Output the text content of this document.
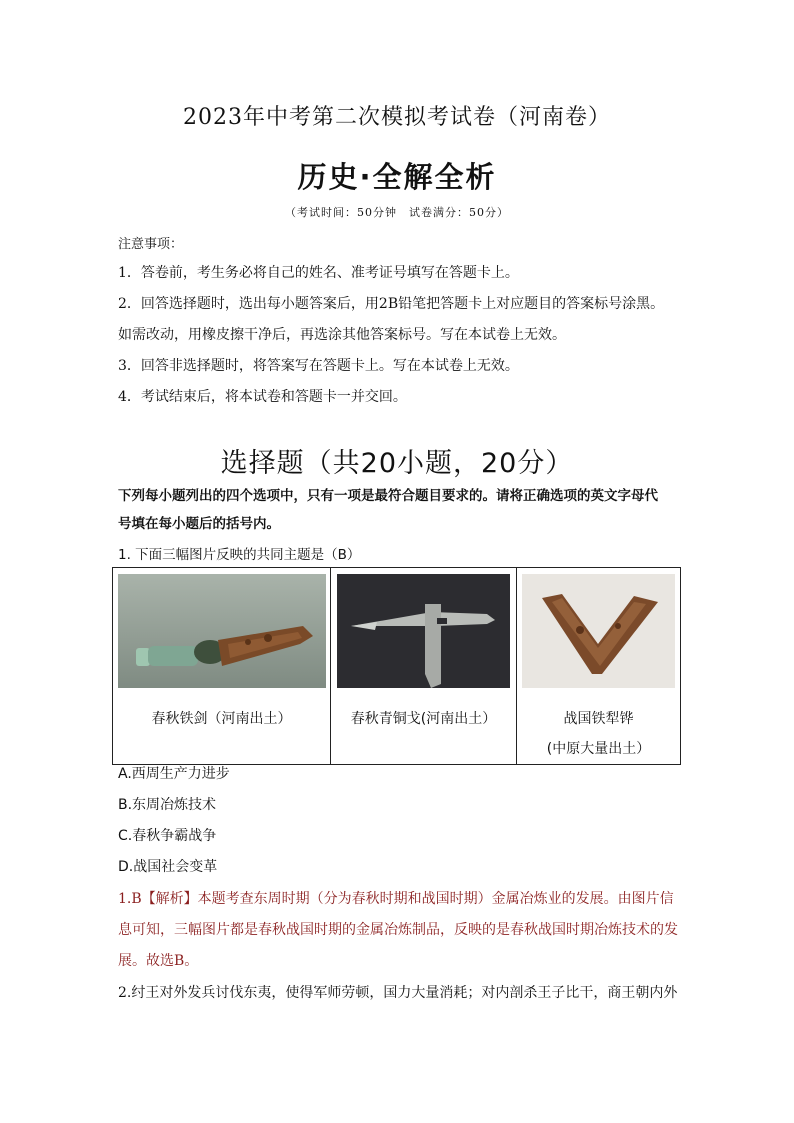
2023年中考第二次模拟考试卷（河南卷）
历史·全解全析
（考试时间：50分钟　试卷满分：50分）
注意事项：
1．答卷前，考生务必将自己的姓名、准考证号填写在答题卡上。
2．回答选择题时，选出每小题答案后，用2B铅笔把答题卡上对应题目的答案标号涂黑。
如需改动，用橡皮擦干净后，再选涂其他答案标号。写在本试卷上无效。
3．回答非选择题时，将答案写在答题卡上。写在本试卷上无效。
4．考试结束后，将本试卷和答题卡一并交回。
选择题（共20小题，20分）
下列每小题列出的四个选项中，只有一项是最符合题目要求的。请将正确选项的英文字母代
号填在每小题后的括号内。
1. 下面三幅图片反映的共同主题是（B）
春秋铁剑（河南出土）	春秋青铜戈(河南出土）	战国铁犁铧
(中原大量出土）
A.西周生产力进步
B.东周冶炼技术
C.春秋争霸战争
D.战国社会变革
1.B【解析】本题考查东周时期（分为春秋时期和战国时期）金属冶炼业的发展。由图片信
息可知，三幅图片都是春秋战国时期的金属冶炼制品，反映的是春秋战国时期冶炼技术的发
展。故选B。
2.纣王对外发兵讨伐东夷，使得军师劳顿，国力大量消耗；对内剖杀王子比干，商王朝内外
